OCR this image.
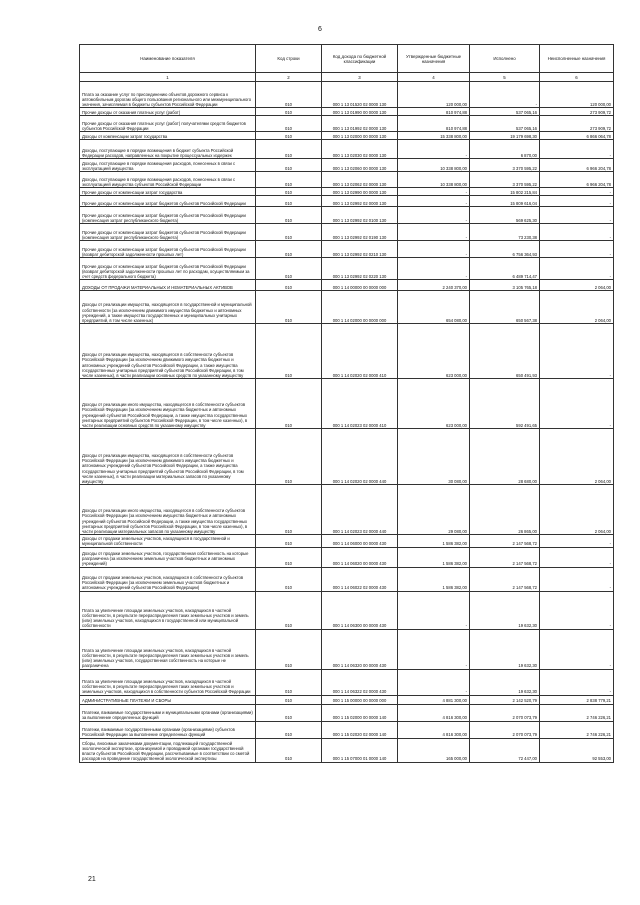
6
Наименование показателя	Код строки	Код дохода по бюджетной классификации	Утвержденные бюджетные назначения	Исполнено	Неисполненные назначения
1	2	3	4	5	6
Плата за оказание услуг по присоединению объектов дорожного сервиса к автомобильным дорогам общего пользования регионального или межмуниципального значения, зачисляемая в бюджеты субъектов Российской Федерации	010	000 1 13 01520 02 0000 130	120 000,00	-	120 000,00
Прочие доходы от оказания платных услуг (работ)	010	000 1 13 01990 00 0000 130	810 974,88	537 065,16	273 909,72
Прочие доходы от оказания платных услуг (работ) получателями средств бюджетов субъектов Российской Федерации	010	000 1 13 01992 02 0000 130	810 974,88	537 065,16	273 909,72
Доходы от компенсации затрат государства	010	000 1 13 02000 00 0000 130	15 338 800,00	19 179 698,30	6 866 064,78
Доходы, поступающие в порядке возмещения в бюджет субъекта Российской Федерации расходов, направленных на покрытие процессуальных издержек	010	000 1 13 02030 02 0000 130	-	6 870,00	-
Доходы, поступающие в порядке возмещения расходов, понесенных в связи с эксплуатацией имущества	010	000 1 13 02060 00 0000 130	10 338 800,00	3 370 595,22	6 966 204,78
Доходы, поступающие в порядке возмещения расходов, понесенных в связи с эксплуатацией имущества субъектов Российской Федерации	010	000 1 13 02062 02 0000 130	10 338 800,00	3 370 595,22	6 966 204,78
Прочие доходы от компенсации затрат государства	010	000 1 13 02990 00 0000 130	-	15 802 215,84	-
Прочие доходы от компенсации затрат бюджетов субъектов Российской Федерации	010	000 1 13 02992 02 0000 130	-	15 809 616,04	-
Прочие доходы от компенсации затрат бюджетов субъектов Российской Федерации (компенсация затрат республиканского бюджета)	010	000 1 13 02992 02 0100 130	-	569 625,30	-
Прочие доходы от компенсации затрат бюджетов субъектов Российской Федерации (компенсация затрат республиканского бюджета)	010	000 1 13 02992 02 0190 130	-	73 230,38	-
Прочие доходы от компенсации затрат бюджетов субъектов Российской Федерации (возврат дебиторской задолженности прошлых лет)	010	000 1 13 02992 02 0210 130	-	6 756 364,93	-
Прочие доходы от компенсации затрат бюджетов субъектов Российской Федерации (возврат дебиторской задолженности прошлых лет по расходам, осуществляемым за счет средств федерального бюджета)	010	000 1 13 02992 02 0220 130	-	6 489 714,47	-
ДОХОДЫ ОТ ПРОДАЖИ МАТЕРИАЛЬНЫХ И НЕМАТЕРИАЛЬНЫХ АКТИВОВ	010	000 1 14 00000 00 0000 000	2 240 370,00	3 105 765,18	2 064,00
Доходы от реализации имущества, находящегося в государственной и муниципальной собственности (за исключением движимого имущества бюджетных и автономных учреждений, а также имущества государственных и муниципальных унитарных предприятий, в том числе казенных)	010	000 1 14 02000 00 0000 000	654 080,00	650 567,38	2 064,00
Доходы от реализации имущества, находящегося в собственности субъектов Российской Федерации (за исключением движимого имущества бюджетных и автономных учреждений субъектов Российской Федерации, а также имущества государственных унитарных предприятий субъектов Российской Федерации, в том числе казенных), в части реализации основных средств по указанному имуществу	010	000 1 14 02020 02 0000 410	623 000,00	650 491,93	-
Доходы от реализации иного имущества, находящегося в собственности субъектов Российской Федерации (за исключением имущества бюджетных и автономных учреждений субъектов Российской Федерации, а также имущества государственных унитарных предприятий субъектов Российской Федерации, в том числе казенных), в части реализации основных средств по указанному имуществу	010	000 1 14 02023 02 0000 410	623 000,00	592 491,65	-
Доходы от реализации имущества, находящегося в собственности субъектов Российской Федерации (за исключением движимого имущества бюджетных и автономных учреждений субъектов Российской Федерации, а также имущества государственных унитарных предприятий субъектов Российской Федерации, в том числе казенных), в части реализации материальных запасов по указанному имуществу	010	000 1 14 02020 02 0000 440	30 080,00	28 680,00	2 064,00
Доходы от реализации иного имущества, находящегося в собственности субъектов Российской Федерации (за исключением имущества бюджетных и автономных учреждений субъектов Российской Федерации, а также имущества государственных унитарных предприятий субъектов Российской Федерации, в том числе казенных), в части реализации материальных запасов по указанному имуществу	010	000 1 14 02023 02 0000 440	29 080,00	26 865,00	2 064,00
Доходы от продажи земельных участков, находящихся в государственной и муниципальной собственности	010	000 1 14 06000 00 0000 430	1 586 382,00	2 147 568,72	-
Доходы от продажи земельных участков, государственная собственность на которые разграничена (за исключением земельных участков бюджетных и автономных учреждений)	010	000 1 14 06020 00 0000 430	1 586 382,00	2 147 568,72	-
Доходы от продажи земельных участков, находящихся в собственности субъектов Российской Федерации (за исключением земельных участков бюджетных и автономных учреждений субъектов Российской Федерации)	010	000 1 14 06022 02 0000 430	1 586 382,00	2 147 568,72	-
Плата за увеличение площади земельных участков, находящихся в частной собственности, в результате перераспределения таких земельных участков и земель (или) земельных участков, находящихся в государственной или муниципальной собственности	010	000 1 14 06300 00 0000 430	-	19 632,30	-
Плата за увеличение площади земельных участков, находящихся в частной собственности, в результате перераспределения таких земельных участков и земель (или) земельных участков, государственная собственность на которые не разграничена	010	000 1 14 06320 00 0000 430	-	19 632,30	-
Плата за увеличение площади земельных участков, находящихся в частной собственности, в результате перераспределения таких земельных участков и земельных участков, находящихся в собственности субъектов Российской Федерации	010	000 1 14 06322 02 0000 430	-	19 632,30	-
АДМИНИСТРАТИВНЫЕ ПЛАТЕЖИ И СБОРЫ	010	000 1 15 00000 00 0000 000	4 881 300,00	2 142 520,79	2 838 779,21
Платежи, взимаемые государственными и муниципальными органами (организациями) за выполнение определенных функций	010	000 1 15 02000 00 0000 140	4 816 300,00	2 070 073,79	2 746 226,21
Платежи, взимаемые государственными органами (организациями) субъектов Российской Федерации за выполнение определенных функций	010	000 1 15 02020 02 0000 140	4 816 300,00	2 070 073,79	2 746 226,21
Сборы, вносимые заказчиками документации, подлежащей государственной экологической экспертизе, организуемой и проводимой органами государственной власти субъектов Российской Федерации, рассчитываемые в соответствии со сметой расходов на проведение государственной экологической экспертизы	010	000 1 15 07000 01 0000 140	165 000,00	72 447,00	92 553,00
21
